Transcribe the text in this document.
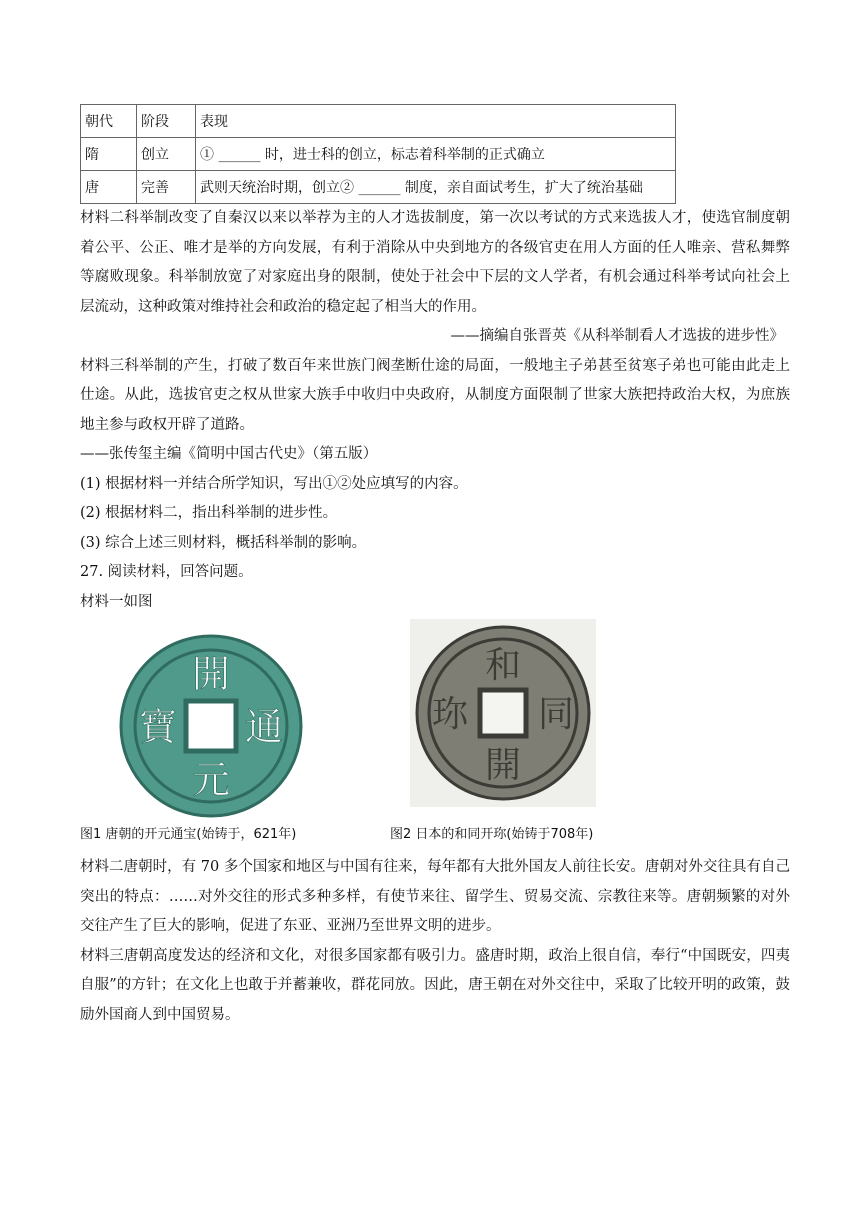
朝代	阶段	表现
隋	创立	① ______ 时，进士科的创立，标志着科举制的正式确立
唐	完善	武则天统治时期，创立② ______ 制度，亲自面试考生，扩大了统治基础

材料二科举制改变了自秦汉以来以举荐为主的人才选拔制度，第一次以考试的方式来选拔人才，使选官制度朝着公平、公正、唯才是举的方向发展，有利于消除从中央到地方的各级官吏在用人方面的任人唯亲、营私舞弊等腐败现象。科举制放宽了对家庭出身的限制，使处于社会中下层的文人学者，有机会通过科举考试向社会上层流动，这种政策对维持社会和政治的稳定起了相当大的作用。

——摘编自张晋英《从科举制看人才选拔的进步性》

材料三科举制的产生，打破了数百年来世族门阀垄断仕途的局面，一般地主子弟甚至贫寒子弟也可能由此走上仕途。从此，选拔官吏之权从世家大族手中收归中央政府，从制度方面限制了世家大族把持政治大权，为庶族地主参与政权开辟了道路。

——张传玺主编《简明中国古代史》（第五版）

(1) 根据材料一并结合所学知识，写出①②处应填写的内容。

(2) 根据材料二，指出科举制的进步性。

(3) 综合上述三则材料，概括科举制的影响。

27. 阅读材料，回答问题。

材料一如图

開
通
元
寶
和
同
開
珎
图1 唐朝的开元通宝(始铸于，621年)	图2 日本的和同开珎(始铸于708年)

材料二唐朝时，有 70 多个国家和地区与中国有往来，每年都有大批外国友人前往长安。唐朝对外交往具有自己突出的特点：……对外交往的形式多种多样，有使节来往、留学生、贸易交流、宗教往来等。唐朝频繁的对外交往产生了巨大的影响，促进了东亚、亚洲乃至世界文明的进步。

材料三唐朝高度发达的经济和文化，对很多国家都有吸引力。盛唐时期，政治上很自信，奉行“中国既安，四夷自服”的方针；在文化上也敢于并蓄兼收，群花同放。因此，唐王朝在对外交往中，采取了比较开明的政策，鼓励外国商人到中国贸易。
